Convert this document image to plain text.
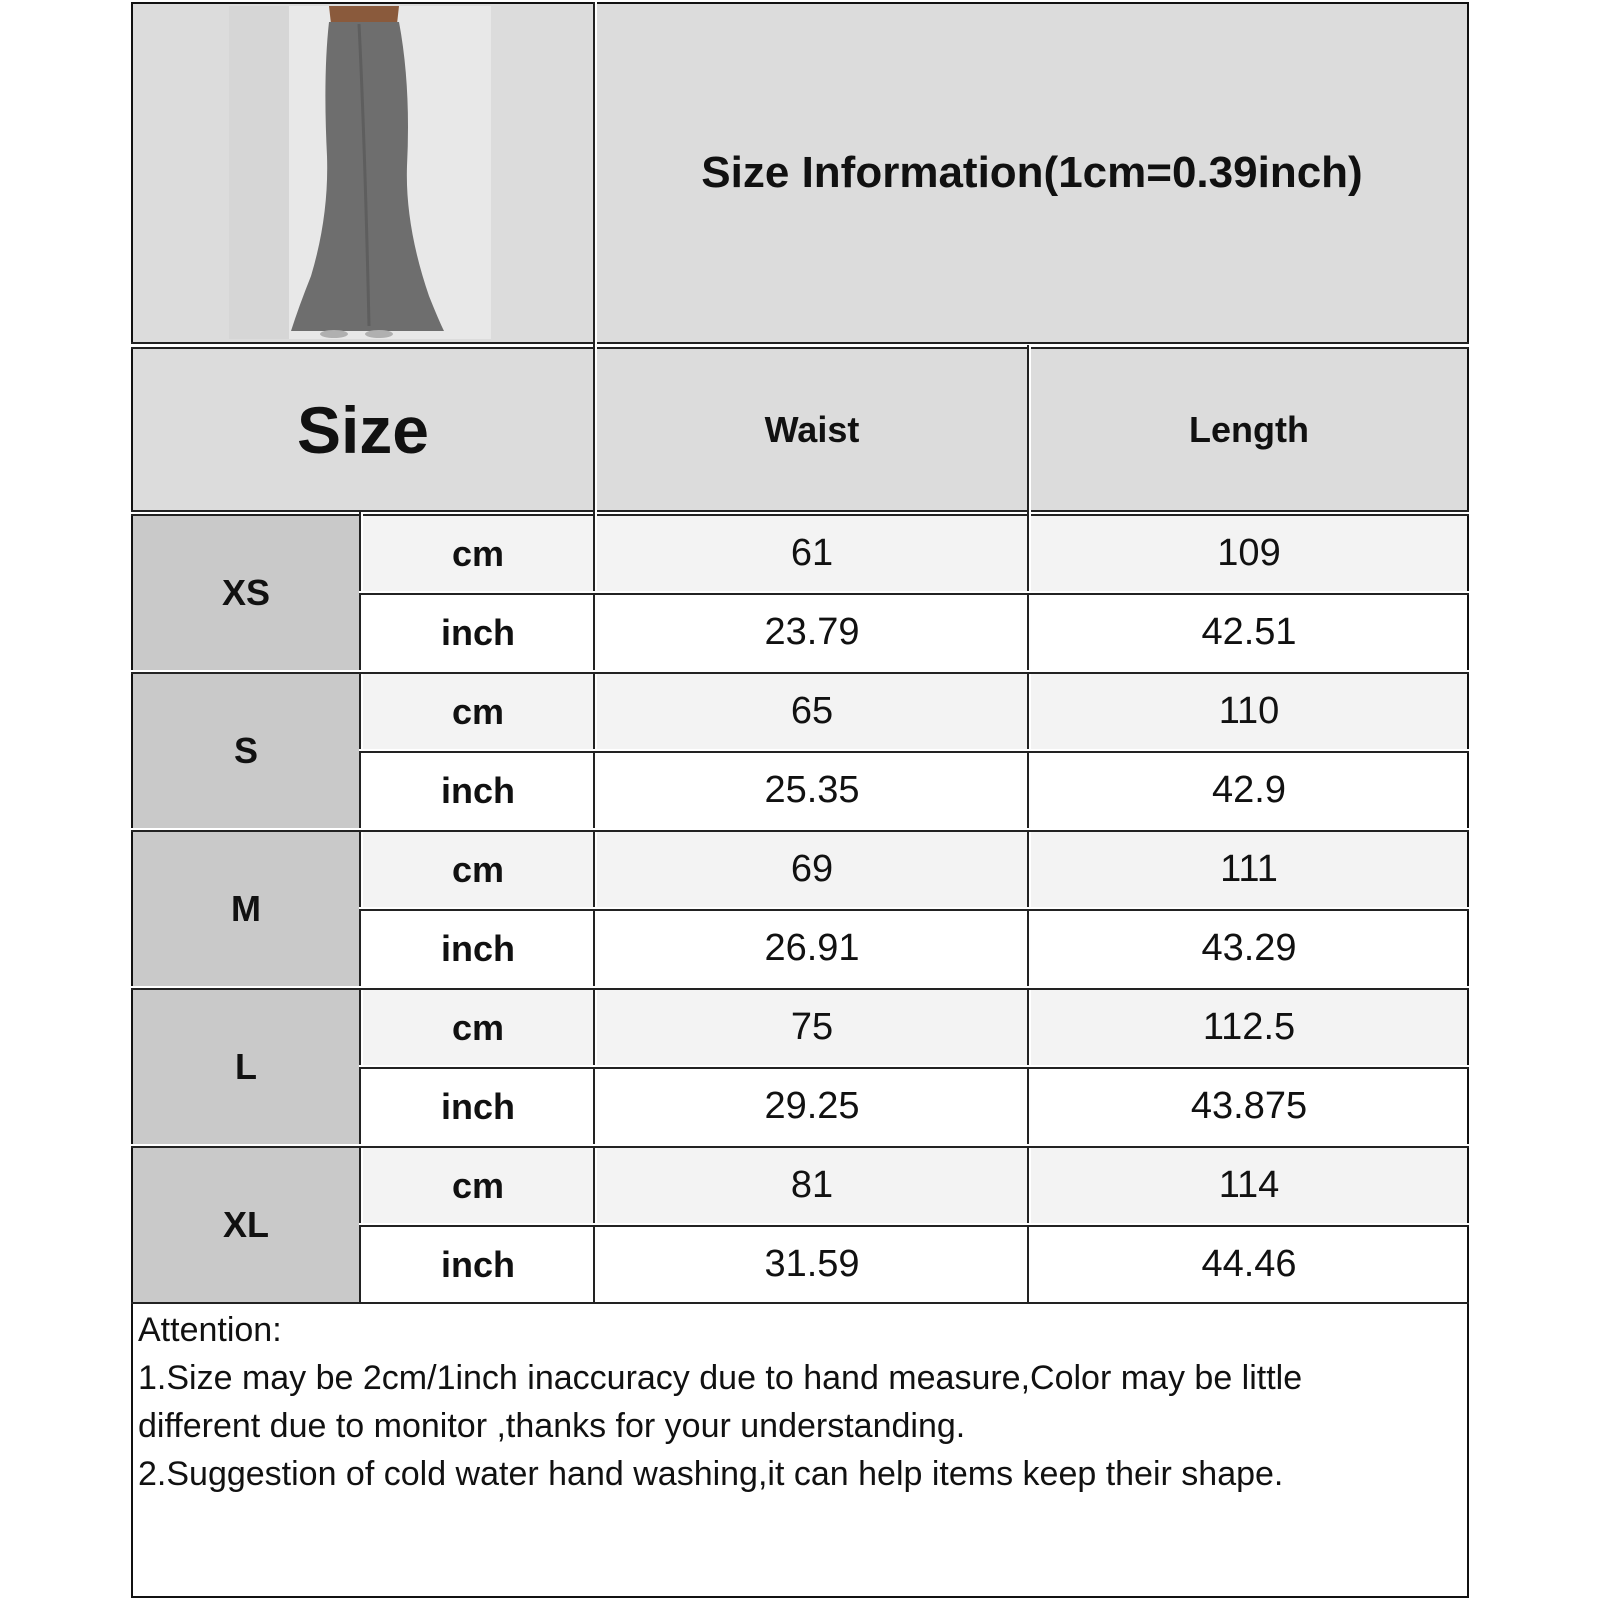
Size Information(1cm=0.39inch)
Size	Waist	Length
XS
cm	61	109
inch	23.79	42.51
S
cm	65	110
inch	25.35	42.9
M
cm	69	111
inch	26.91	43.29
L
cm	75	112.5
inch	29.25	43.875
XL
cm	81	114
inch	31.59	44.46
Attention:
1.Size may be 2cm/1inch inaccuracy due to hand measure,Color may be little
different due to monitor ,thanks for your understanding.
2.Suggestion of cold water hand washing,it can help items keep their shape.
